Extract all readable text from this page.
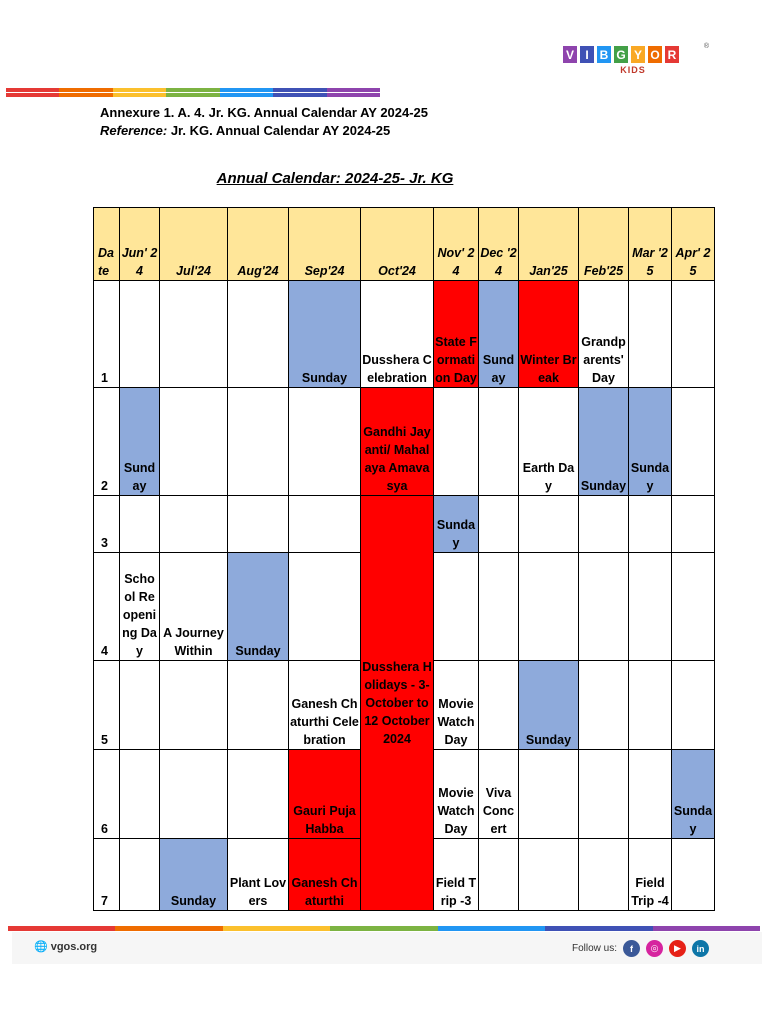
V I B G Y O R
KIDS
®
Annexure 1. A. 4. Jr. KG. Annual Calendar AY 2024-25
Reference: Jr. KG. Annual Calendar AY 2024-25
Annual Calendar: 2024-25- Jr. KG
Date	Jun' 24	Jul'24	Aug'24	Sep'24	Oct'24	Nov' 24	Dec '24	Jan'25	Feb'25	Mar '25	Apr' 25
1				Sunday	Dusshera Celebration	State Formation Day	Sunday	Winter Break	Grandparents' Day		
2	Sunday				Gandhi Jayanti/ Mahalaya Amavasya			Earth Day	Sunday	Sunday	
3					Dusshera Holidays - 3- October to 12 October 2024	Sunday					
4	School Reopening Day	A Journey Within	Sunday								
5				Ganesh Chaturthi Celebration		Movie Watch Day		Sunday			
6				Gauri Puja Habba		Movie Watch Day	Viva Concert				Sunday
7		Sunday	Plant Lovers	Ganesh Chaturthi		Field Trip -3				Field Trip -4	
🌐 vgos.org	Follow us:	f	◎	▶	in
